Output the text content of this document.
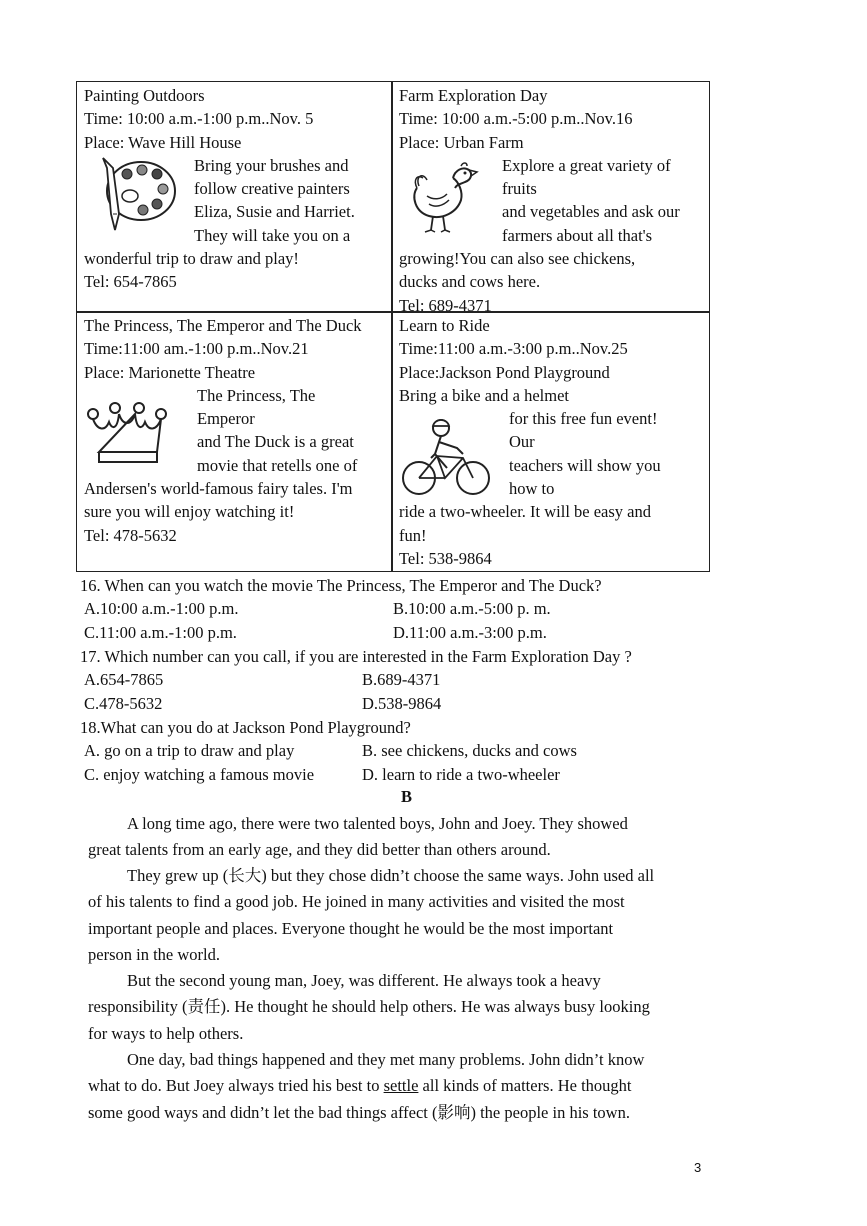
Painting Outdoors
Time: 10:00 a.m.-1:00 p.m..Nov. 5
Place: Wave Hill House
Bring your brushes and
follow creative painters
Eliza, Susie and Harriet.
They will take you on a
wonderful trip to draw and play!
Tel: 654-7865
Farm Exploration Day
Time: 10:00 a.m.-5:00 p.m..Nov.16
Place: Urban Farm
Explore a great variety of
fruits
and vegetables and ask our
farmers about all that's
growing!You can also see chickens,
ducks and cows here.
Tel: 689-4371
The Princess, The Emperor and The Duck
Time:11:00 am.-1:00 p.m..Nov.21
Place: Marionette Theatre
The Princess, The
Emperor
and The Duck is a great
movie that retells one of
Andersen's world-famous fairy tales. I'm
sure you will enjoy watching it!
Tel: 478-5632
Learn to Ride
Time:11:00 a.m.-3:00 p.m..Nov.25
Place:Jackson Pond Playground
Bring a bike and a helmet
for this free fun event!
Our
teachers will show you
how to
ride a two-wheeler. It will be easy and
fun!
Tel: 538-9864
16. When can you watch the movie The Princess, The Emperor and The Duck?
A.10:00 a.m.-1:00 p.m.	B.10:00 a.m.-5:00 p. m.
C.11:00 a.m.-1:00 p.m.	D.11:00 a.m.-3:00 p.m.
17. Which number can you call, if you are interested in the Farm Exploration Day ?
A.654-7865	B.689-4371
C.478-5632	D.538-9864
18.What can you do at Jackson Pond Playground?
A. go on a trip to draw and play	B. see chickens, ducks and cows
C. enjoy watching a famous movie	D. learn to ride a two-wheeler
B
A long time ago, there were two talented boys, John and Joey. They showed
great talents from an early age, and they did better than others around.
They grew up (长大) but they chose didn’t choose the same ways. John used all
of his talents to find a good job. He joined in many activities and visited the most
important people and places. Everyone thought he would be the most important
person in the world.
But the second young man, Joey, was different. He always took a heavy
responsibility (责任). He thought he should help others. He was always busy looking
for ways to help others.
One day, bad things happened and they met many problems. John didn’t know
what to do. But Joey always tried his best to settle all kinds of matters. He thought
some good ways and didn’t let the bad things affect (影响) the people in his town.
3
